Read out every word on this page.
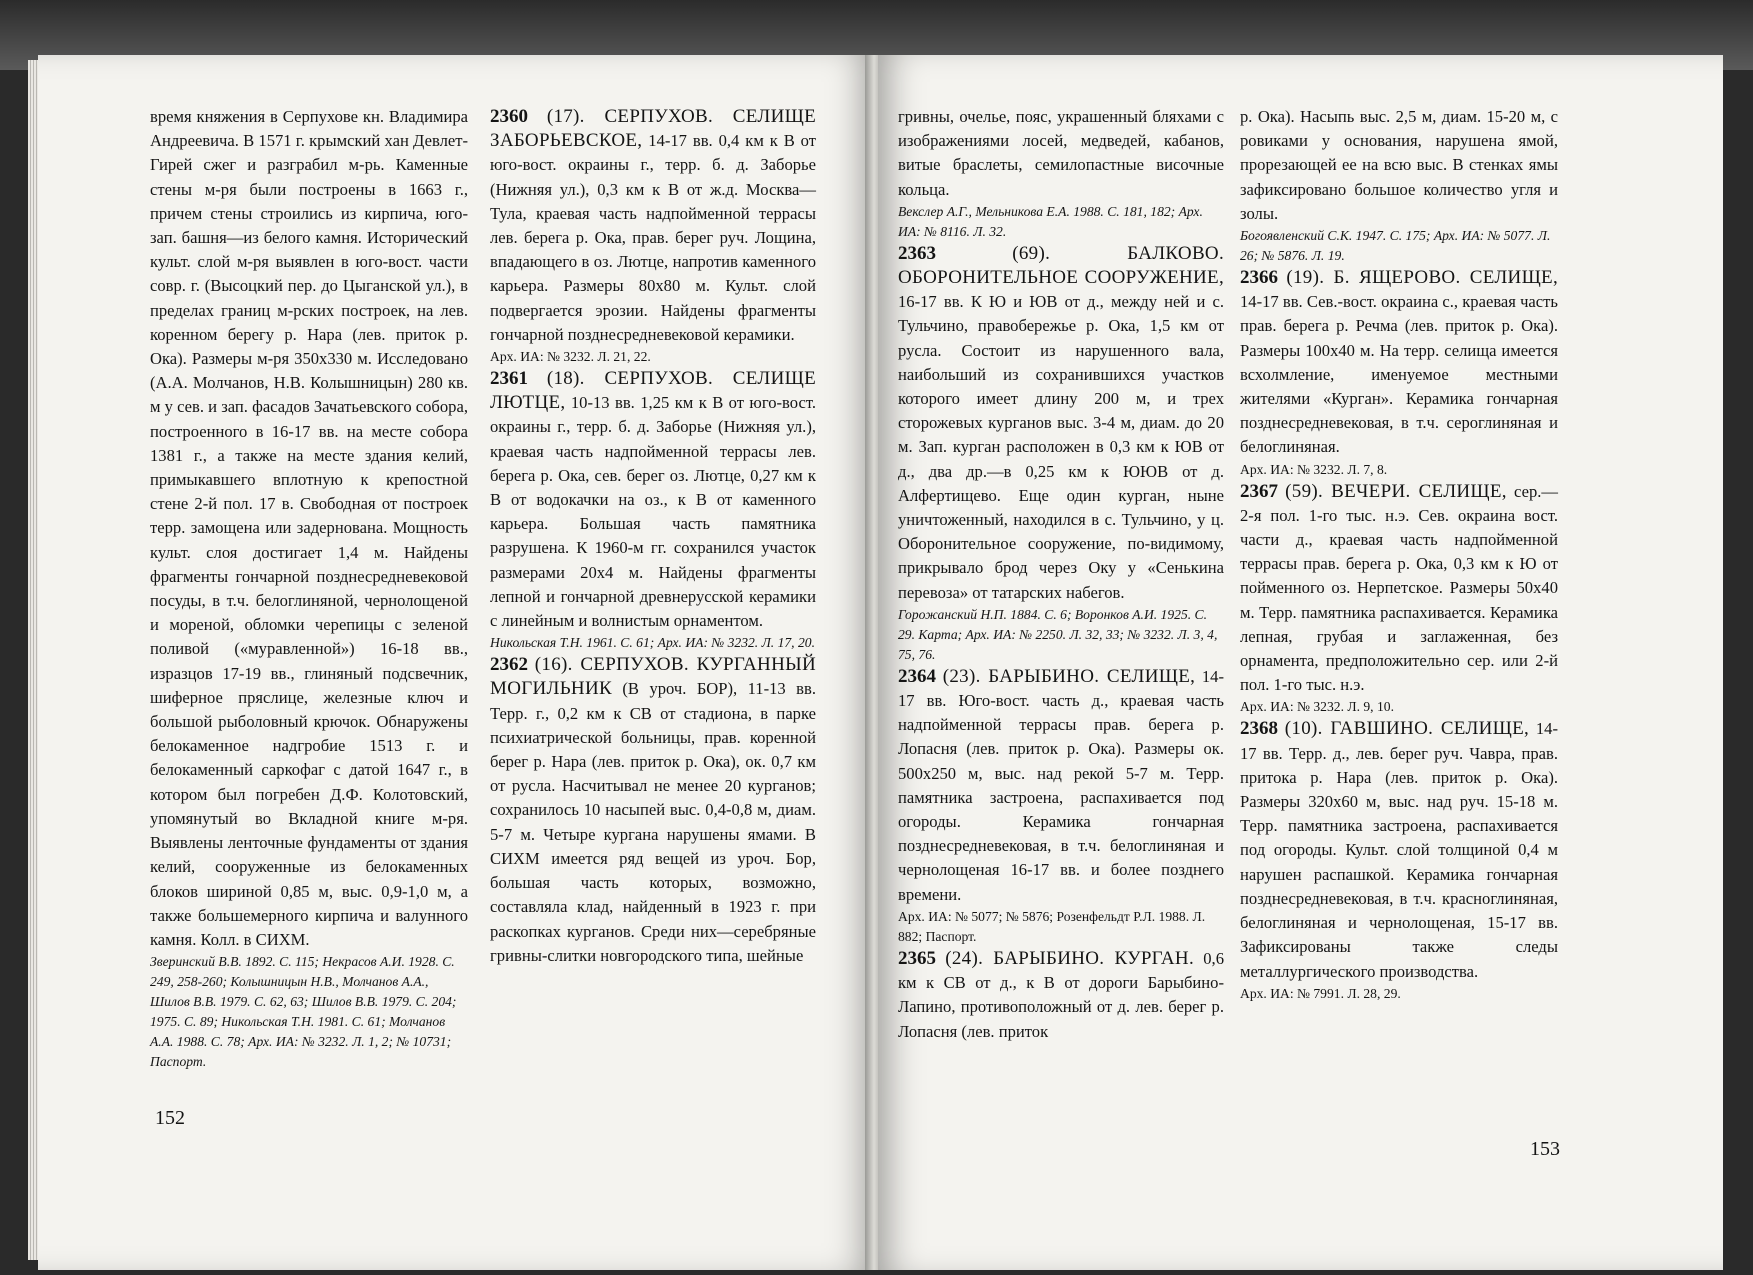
время княжения в Серпухове кн. Владимира Андреевича. В 1571 г. крымский хан Девлет-Гирей сжег и разграбил м-рь. Каменные стены м-ря были построены в 1663 г., причем стены строились из кирпича, юго-зап. башня—из белого камня. Исторический культ. слой м-ря выявлен в юго-вост. части совр. г. (Высоцкий пер. до Цыганской ул.), в пределах границ м-рских построек, на лев. коренном берегу р. Нара (лев. приток р. Ока). Размеры м-ря 350x330 м. Исследовано (А.А. Молчанов, Н.В. Колышницын) 280 кв. м у сев. и зап. фасадов Зачатьевского собора, построенного в 16-17 вв. на месте собора 1381 г., а также на месте здания келий, примыкавшего вплотную к крепостной стене 2-й пол. 17 в. Свободная от построек терр. замощена или задернована. Мощность культ. слоя достигает 1,4 м. Найдены фрагменты гончарной позднесредневековой посуды, в т.ч. белоглиняной, чернолощеной и мореной, обломки черепицы с зеленой поливой («муравленной») 16-18 вв., изразцов 17-19 вв., глиняный подсвечник, шиферное пряслице, железные ключ и большой рыболовный крючок. Обнаружены белокаменное надгробие 1513 г. и белокаменный саркофаг с датой 1647 г., в котором был погребен Д.Ф. Колотовский, упомянутый во Вкладной книге м-ря. Выявлены ленточные фундаменты от здания келий, сооруженные из белокаменных блоков шириной 0,85 м, выс. 0,9-1,0 м, а также большемерного кирпича и валунного камня. Колл. в СИХМ.

Зверинский В.В. 1892. С. 115; Некрасов А.И. 1928. С. 249, 258-260; Колышницын Н.В., Молчанов А.А., Шилов В.В. 1979. С. 62, 63; Шилов В.В. 1979. С. 204; 1975. С. 89; Никольская Т.Н. 1981. С. 61; Молчанов А.А. 1988. С. 78; Арх. ИА: № 3232. Л. 1, 2; № 10731; Паспорт.

2360 (17). СЕРПУХОВ. СЕЛИЩЕ ЗАБОРЬЕВСКОЕ, 14-17 вв. 0,4 км к В от юго-вост. окраины г., терр. б. д. Заборье (Нижняя ул.), 0,3 км к В от ж.д. Москва—Тула, краевая часть надпойменной террасы лев. берега р. Ока, прав. берег руч. Лощина, впадающего в оз. Лютце, напротив каменного карьера. Размеры 80x80 м. Культ. слой подвергается эрозии. Найдены фрагменты гончарной позднесредневековой керамики.

Арх. ИА: № 3232. Л. 21, 22.

2361 (18). СЕРПУХОВ. СЕЛИЩЕ ЛЮТЦЕ, 10-13 вв. 1,25 км к В от юго-вост. окраины г., терр. б. д. Заборье (Нижняя ул.), краевая часть надпойменной террасы лев. берега р. Ока, сев. берег оз. Лютце, 0,27 км к В от водокачки на оз., к В от каменного карьера. Большая часть памятника разрушена. К 1960-м гг. сохранился участок размерами 20x4 м. Найдены фрагменты лепной и гончарной древнерусской керамики с линейным и волнистым орнаментом.

Никольская Т.Н. 1961. С. 61; Арх. ИА: № 3232. Л. 17, 20.

2362 (16). СЕРПУХОВ. КУРГАННЫЙ МОГИЛЬНИК (В уроч. БОР), 11-13 вв. Терр. г., 0,2 км к СВ от стадиона, в парке психиатрической больницы, прав. коренной берег р. Нара (лев. приток р. Ока), ок. 0,7 км от русла. Насчитывал не менее 20 курганов; сохранилось 10 насыпей выс. 0,4-0,8 м, диам. 5-7 м. Четыре кургана нарушены ямами. В СИХМ имеется ряд вещей из уроч. Бор, большая часть которых, возможно, составляла клад, найденный в 1923 г. при раскопках курганов. Среди них—серебряные гривны-слитки новгородского типа, шейные

152

гривны, очелье, пояс, украшенный бляхами с изображениями лосей, медведей, кабанов, витые браслеты, семилопастные височные кольца.

Векслер А.Г., Мельникова Е.А. 1988. С. 181, 182; Арх. ИА: № 8116. Л. 32.

2363	(69). БАЛКОВО. ОБОРОНИТЕЛЬНОЕ СООРУЖЕНИЕ, 16-17 вв. К Ю и ЮВ от д., между ней и с. Тульчино, правобережье р. Ока, 1,5 км от русла. Состоит из нарушенного вала, наибольший из сохранившихся участков которого имеет длину 200 м, и трех сторожевых курганов выс. 3-4 м, диам. до 20 м. Зап. курган расположен в 0,3 км к ЮВ от д., два др.—в 0,25 км к ЮЮВ от д. Алфертищево. Еще один курган, ныне уничтоженный, находился в с. Тульчино, у ц. Оборонительное сооружение, по-видимому, прикрывало брод через Оку у «Сенькина перевоза» от татарских набегов.

Горожанский Н.П. 1884. С. 6; Воронков А.И. 1925. С. 29. Карта; Арх. ИА: № 2250. Л. 32, 33; № 3232. Л. 3, 4, 75, 76.

2364 (23). БАРЫБИНО. СЕЛИЩЕ, 14-17 вв. Юго-вост. часть д., краевая часть надпойменной террасы прав. берега р. Лопасня (лев. приток р. Ока). Размеры ок. 500x250 м, выс. над рекой 5-7 м. Терр. памятника застроена, распахивается под огороды. Керамика гончарная позднесредневековая, в т.ч. белоглиняная и чернолощеная 16-17 вв. и более позднего времени.

Арх. ИА: № 5077; № 5876; Розенфельдт Р.Л. 1988. Л. 882; Паспорт.

2365 (24). БАРЫБИНО. КУРГАН. 0,6 км к СВ от д., к В от дороги Барыбино-Лапино, противоположный от д. лев. берег р. Лопасня (лев. приток

р. Ока). Насыпь выс. 2,5 м, диам. 15-20 м, с ровиками у основания, нарушена ямой, прорезающей ее на всю выс. В стенках ямы зафиксировано большое количество угля и золы.

Богоявленский С.К. 1947. С. 175; Арх. ИА: № 5077. Л. 26; № 5876. Л. 19.

2366 (19). Б. ЯЩЕРОВО. СЕЛИЩЕ, 14-17 вв. Сев.-вост. окраина с., краевая часть прав. берега р. Речма (лев. приток р. Ока). Размеры 100x40 м. На терр. селища имеется всхолмление, именуемое местными жителями «Курган». Керамика гончарная позднесредневековая, в т.ч. сероглиняная и белоглиняная.

Арх. ИА: № 3232. Л. 7, 8.

2367 (59). ВЕЧЕРИ. СЕЛИЩЕ, сер.—2-я пол. 1-го тыс. н.э. Сев. окраина вост. части д., краевая часть надпойменной террасы прав. берега р. Ока, 0,3 км к Ю от пойменного оз. Нерпетское. Размеры 50x40 м. Терр. памятника распахивается. Керамика лепная, грубая и заглаженная, без орнамента, предположительно сер. или 2-й пол. 1-го тыс. н.э.

Арх. ИА: № 3232. Л. 9, 10.

2368 (10). ГАВШИНО. СЕЛИЩЕ, 14-17 вв. Терр. д., лев. берег руч. Чавра, прав. притока р. Нара (лев. приток р. Ока). Размеры 320x60 м, выс. над руч. 15-18 м. Терр. памятника застроена, распахивается под огороды. Культ. слой толщиной 0,4 м нарушен распашкой. Керамика гончарная позднесредневековая, в т.ч. красноглиняная, белоглиняная и чернолощеная, 15-17 вв. Зафиксированы также следы металлургического производства.

Арх. ИА: № 7991. Л. 28, 29.

153
